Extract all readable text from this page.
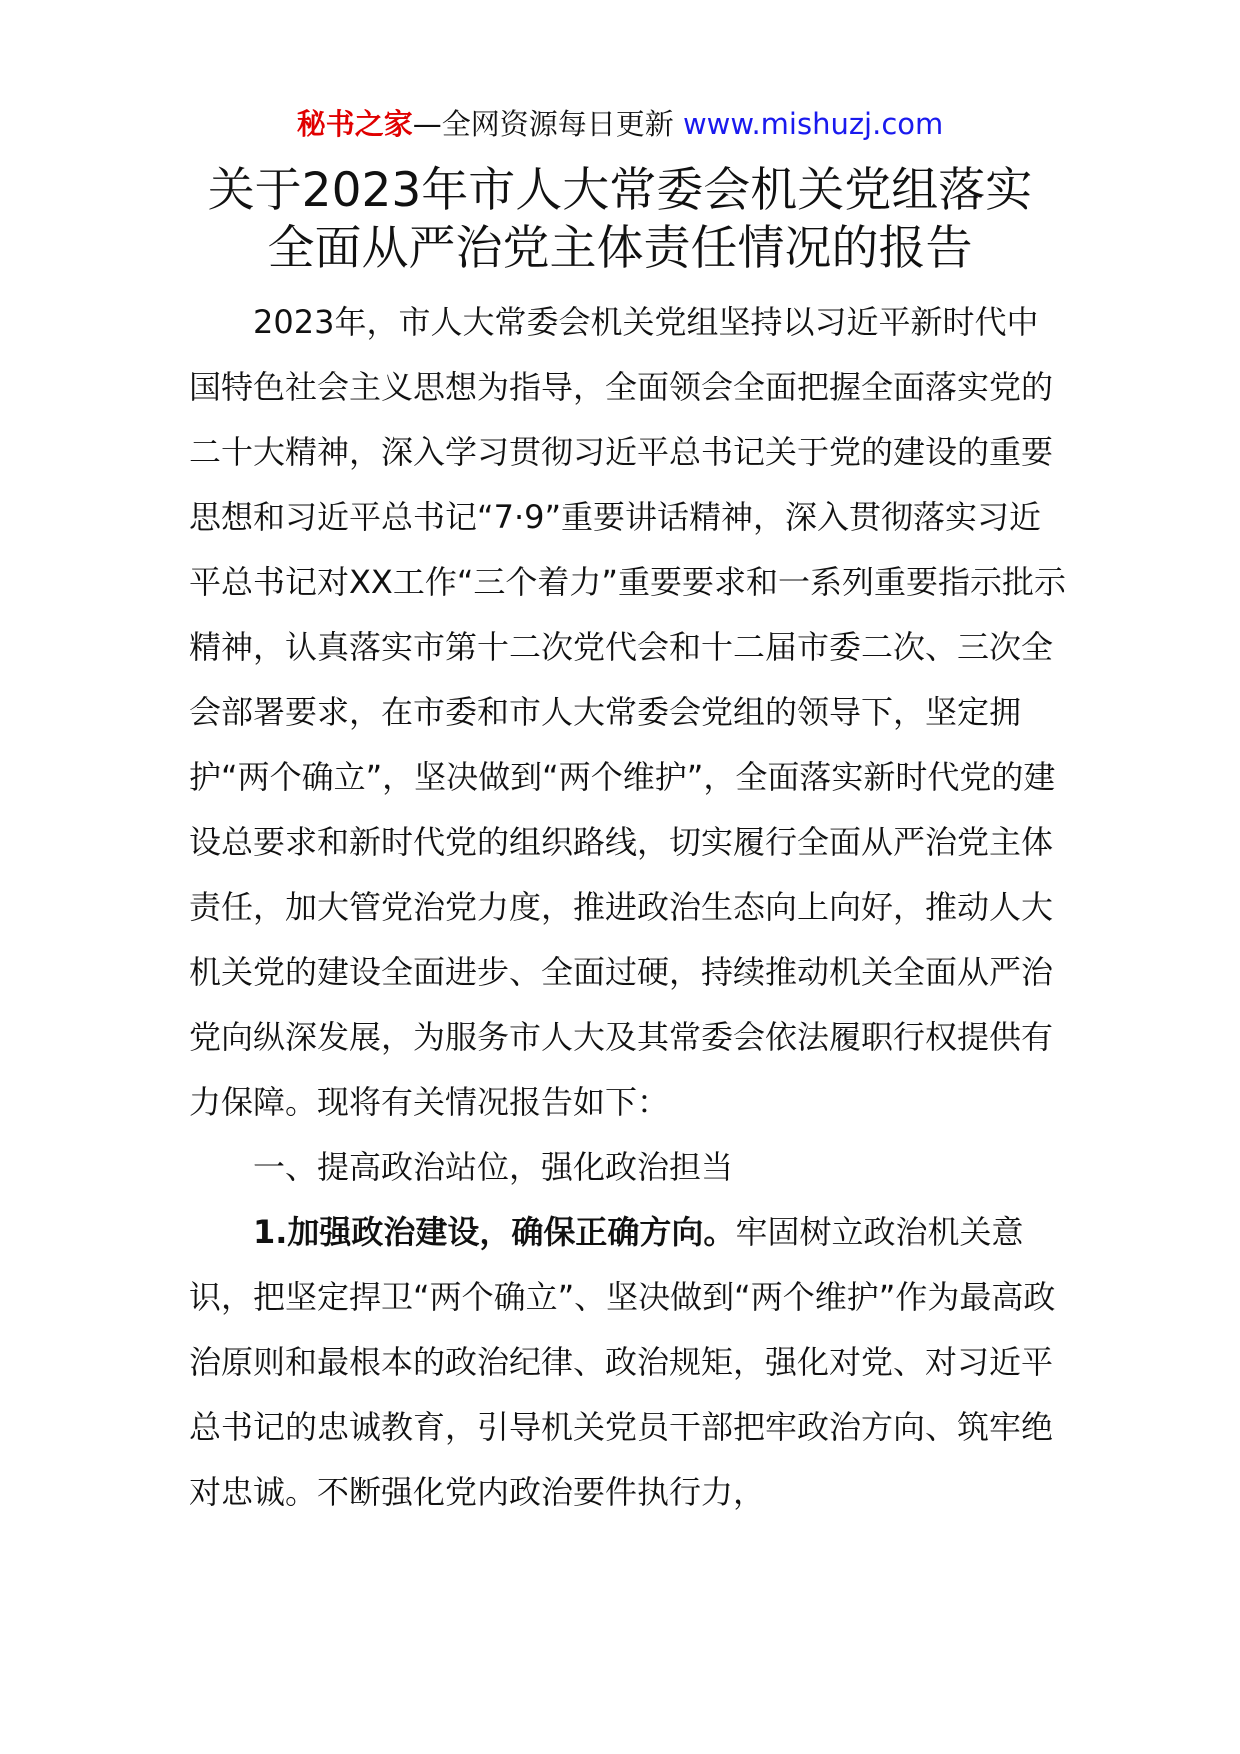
秘书之家—全网资源每日更新 www.mishuzj.com
关于2023年市人大常委会机关党组落实
全面从严治党主体责任情况的报告

2023年，市人大常委会机关党组坚持以习近平新时代中国特色社会主义思想为指导，全面领会全面把握全面落实党的二十大精神，深入学习贯彻习近平总书记关于党的建设的重要思想和习近平总书记“7·9”重要讲话精神，深入贯彻落实习近平总书记对XX工作“三个着力”重要要求和一系列重要指示批示精神，认真落实市第十二次党代会和十二届市委二次、三次全会部署要求，在市委和市人大常委会党组的领导下，坚定拥护“两个确立”，坚决做到“两个维护”，全面落实新时代党的建设总要求和新时代党的组织路线，切实履行全面从严治党主体责任，加大管党治党力度，推进政治生态向上向好，推动人大机关党的建设全面进步、全面过硬，持续推动机关全面从严治党向纵深发展，为服务市人大及其常委会依法履职行权提供有力保障。现将有关情况报告如下：

一、提高政治站位，强化政治担当

1.加强政治建设，确保正确方向。牢固树立政治机关意识，把坚定捍卫“两个确立”、坚决做到“两个维护”作为最高政治原则和最根本的政治纪律、政治规矩，强化对党、对习近平总书记的忠诚教育，引导机关党员干部把牢政治方向、筑牢绝对忠诚。不断强化党内政治要件执行力，
